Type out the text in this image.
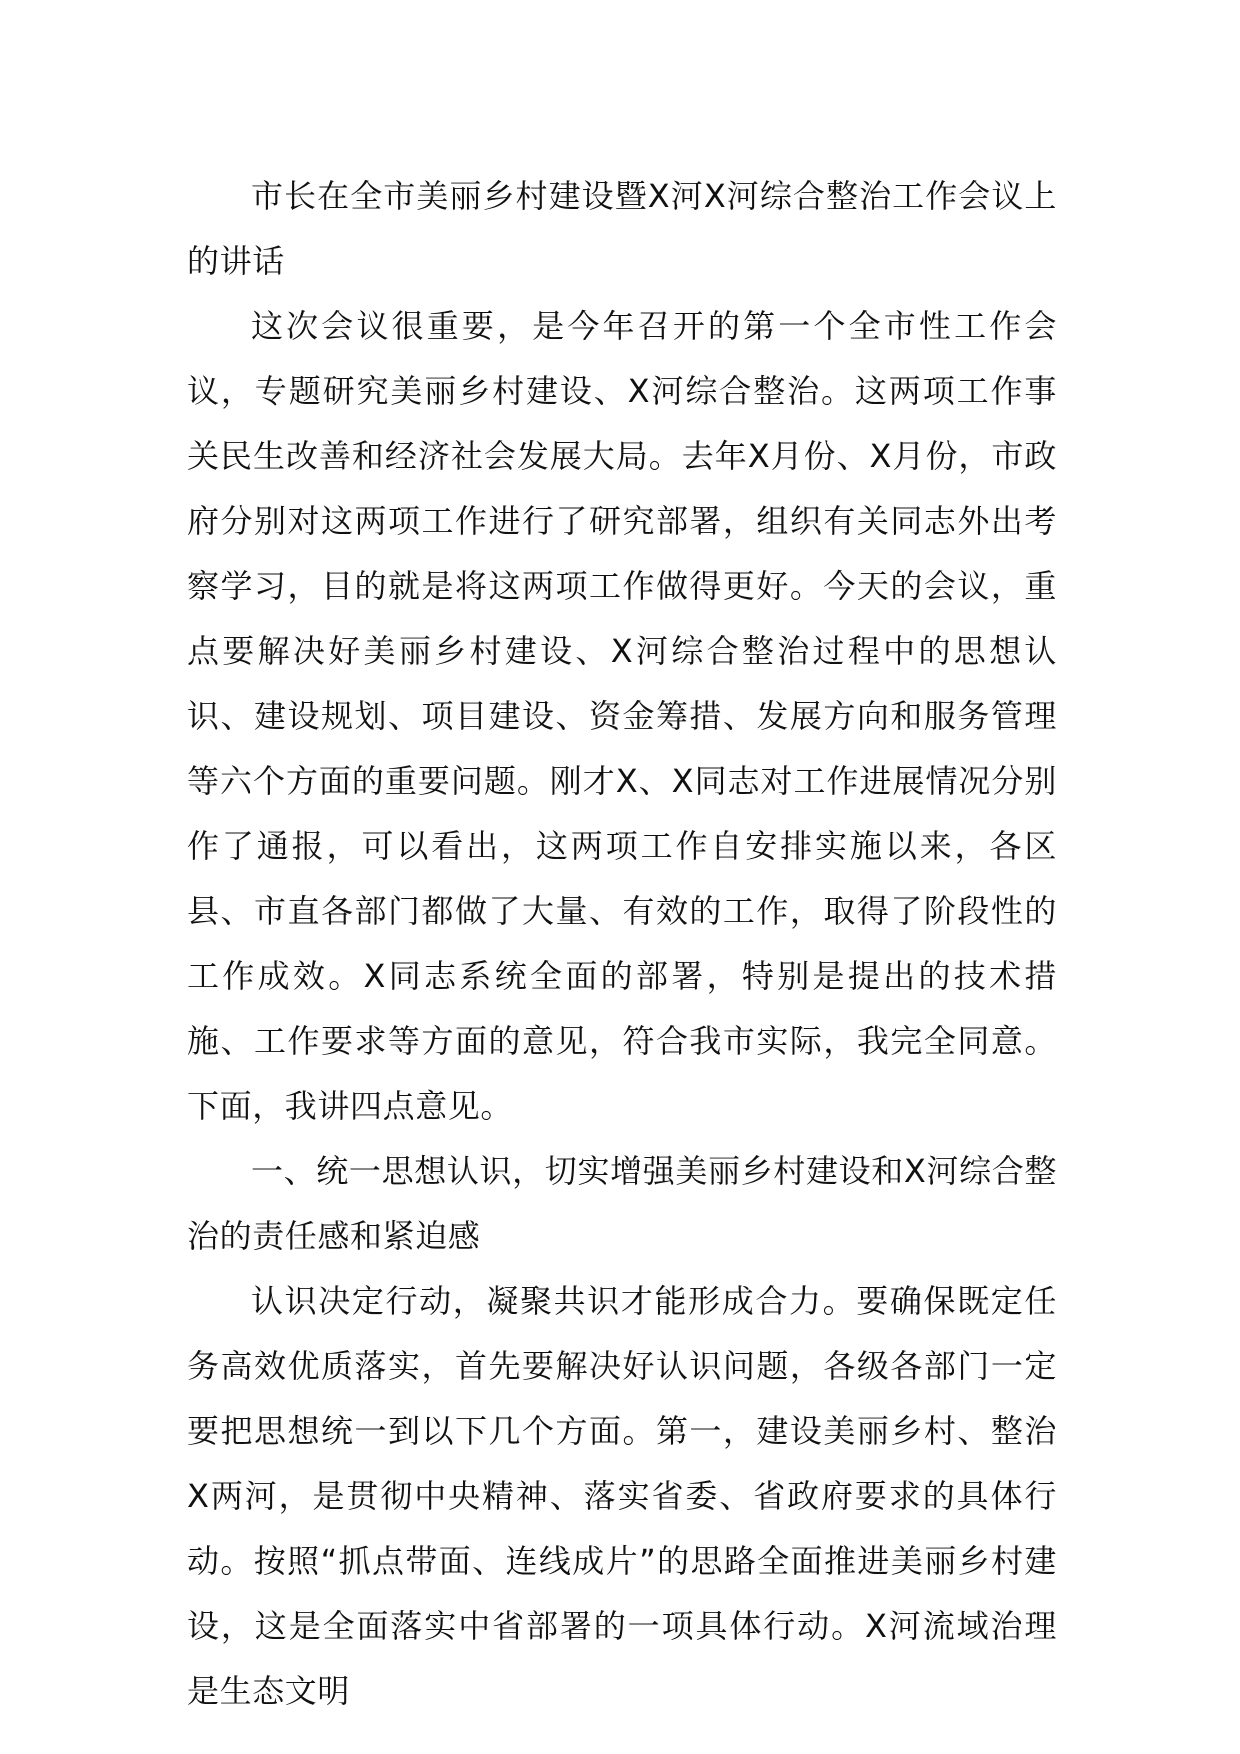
市长在全市美丽乡村建设暨X河X河综合整治工作会议上的讲话

这次会议很重要，是今年召开的第一个全市性工作会议，专题研究美丽乡村建设、X河综合整治。这两项工作事关民生改善和经济社会发展大局。去年X月份、X月份，市政府分别对这两项工作进行了研究部署，组织有关同志外出考察学习，目的就是将这两项工作做得更好。今天的会议，重点要解决好美丽乡村建设、X河综合整治过程中的思想认识、建设规划、项目建设、资金筹措、发展方向和服务管理等六个方面的重要问题。刚才X、X同志对工作进展情况分别作了通报，可以看出，这两项工作自安排实施以来，各区县、市直各部门都做了大量、有效的工作，取得了阶段性的工作成效。X同志系统全面的部署，特别是提出的技术措施、工作要求等方面的意见，符合我市实际，我完全同意。下面，我讲四点意见。

一、统一思想认识，切实增强美丽乡村建设和X河综合整治的责任感和紧迫感

认识决定行动，凝聚共识才能形成合力。要确保既定任务高效优质落实，首先要解决好认识问题，各级各部门一定要把思想统一到以下几个方面。第一，建设美丽乡村、整治X两河，是贯彻中央精神、落实省委、省政府要求的具体行动。按照“抓点带面、连线成片”的思路全面推进美丽乡村建设，这是全面落实中省部署的一项具体行动。X河流域治理是生态文明
